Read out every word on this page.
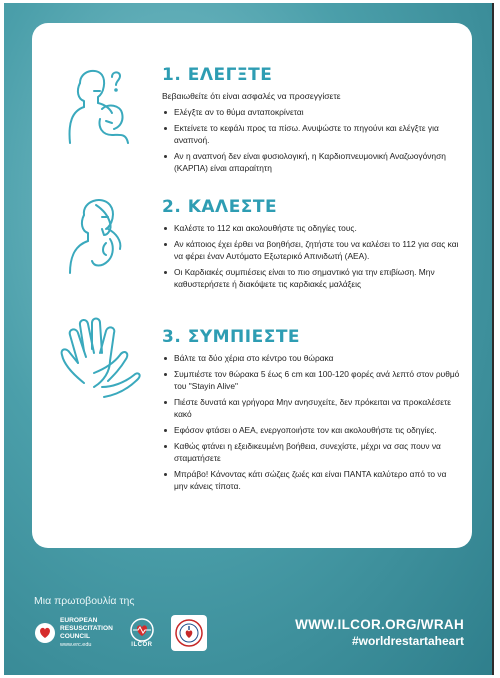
1. ΕΛΕΓΞΤΕ
Βεβαιωθείτε ότι είναι ασφαλές να προσεγγίσετε
Ελέγξτε αν το θύμα ανταποκρίνεται
Εκτείνετε το κεφάλι προς τα πίσω. Ανυψώστε το πηγούνι και ελέγξτε για αναπνοή.
Αν η αναπνοή δεν είναι φυσιολογική, η Καρδιοπνευμονική Αναζωογόνηση (ΚΑΡΠΑ) είναι απαραίτητη
2. ΚΑΛΕΣΤΕ
Καλέστε το 112 και ακολουθήστε τις οδηγίες τους.
Αν κάποιος έχει έρθει να βοηθήσει, ζητήστε του να καλέσει το 112 για σας και να φέρει έναν Αυτόματο Εξωτερικό Απινιδωτή (ΑΕΑ).
Οι Καρδιακές συμπιέσεις είναι το πιο σημαντικό για την επιβίωση. Μην καθυστερήσετε ή διακόψετε τις καρδιακές μαλάξεις
3. ΣΥΜΠΙΕΣΤΕ
Βάλτε τα δύο χέρια στο κέντρο του θώρακα
Συμπιέστε τον θώρακα 5 έως 6 cm και 100-120 φορές ανά λεπτό στον ρυθμό του "Stayin Alive"
Πιέστε δυνατά και γρήγορα Μην ανησυχείτε, δεν πρόκειται να προκαλέσετε κακό
Εφόσον φτάσει ο ΑΕΑ, ενεργοποιήστε τον και ακολουθήστε τις οδηγίες.
Καθώς φτάνει η εξειδικευμένη βοήθεια, συνεχίστε, μέχρι να σας πουν να σταματήσετε
Μπράβο! Κάνοντας κάτι σώζεις ζωές και είναι ΠΑΝΤΑ καλύτερο από το να μην κάνεις τίποτα.
Μια πρωτοβουλία της
EUROPEAN
RESUSCITATION
COUNCIL
www.erc.edu	ILCOR
WWW.ILCOR.ORG/WRAH
#worldrestartaheart
